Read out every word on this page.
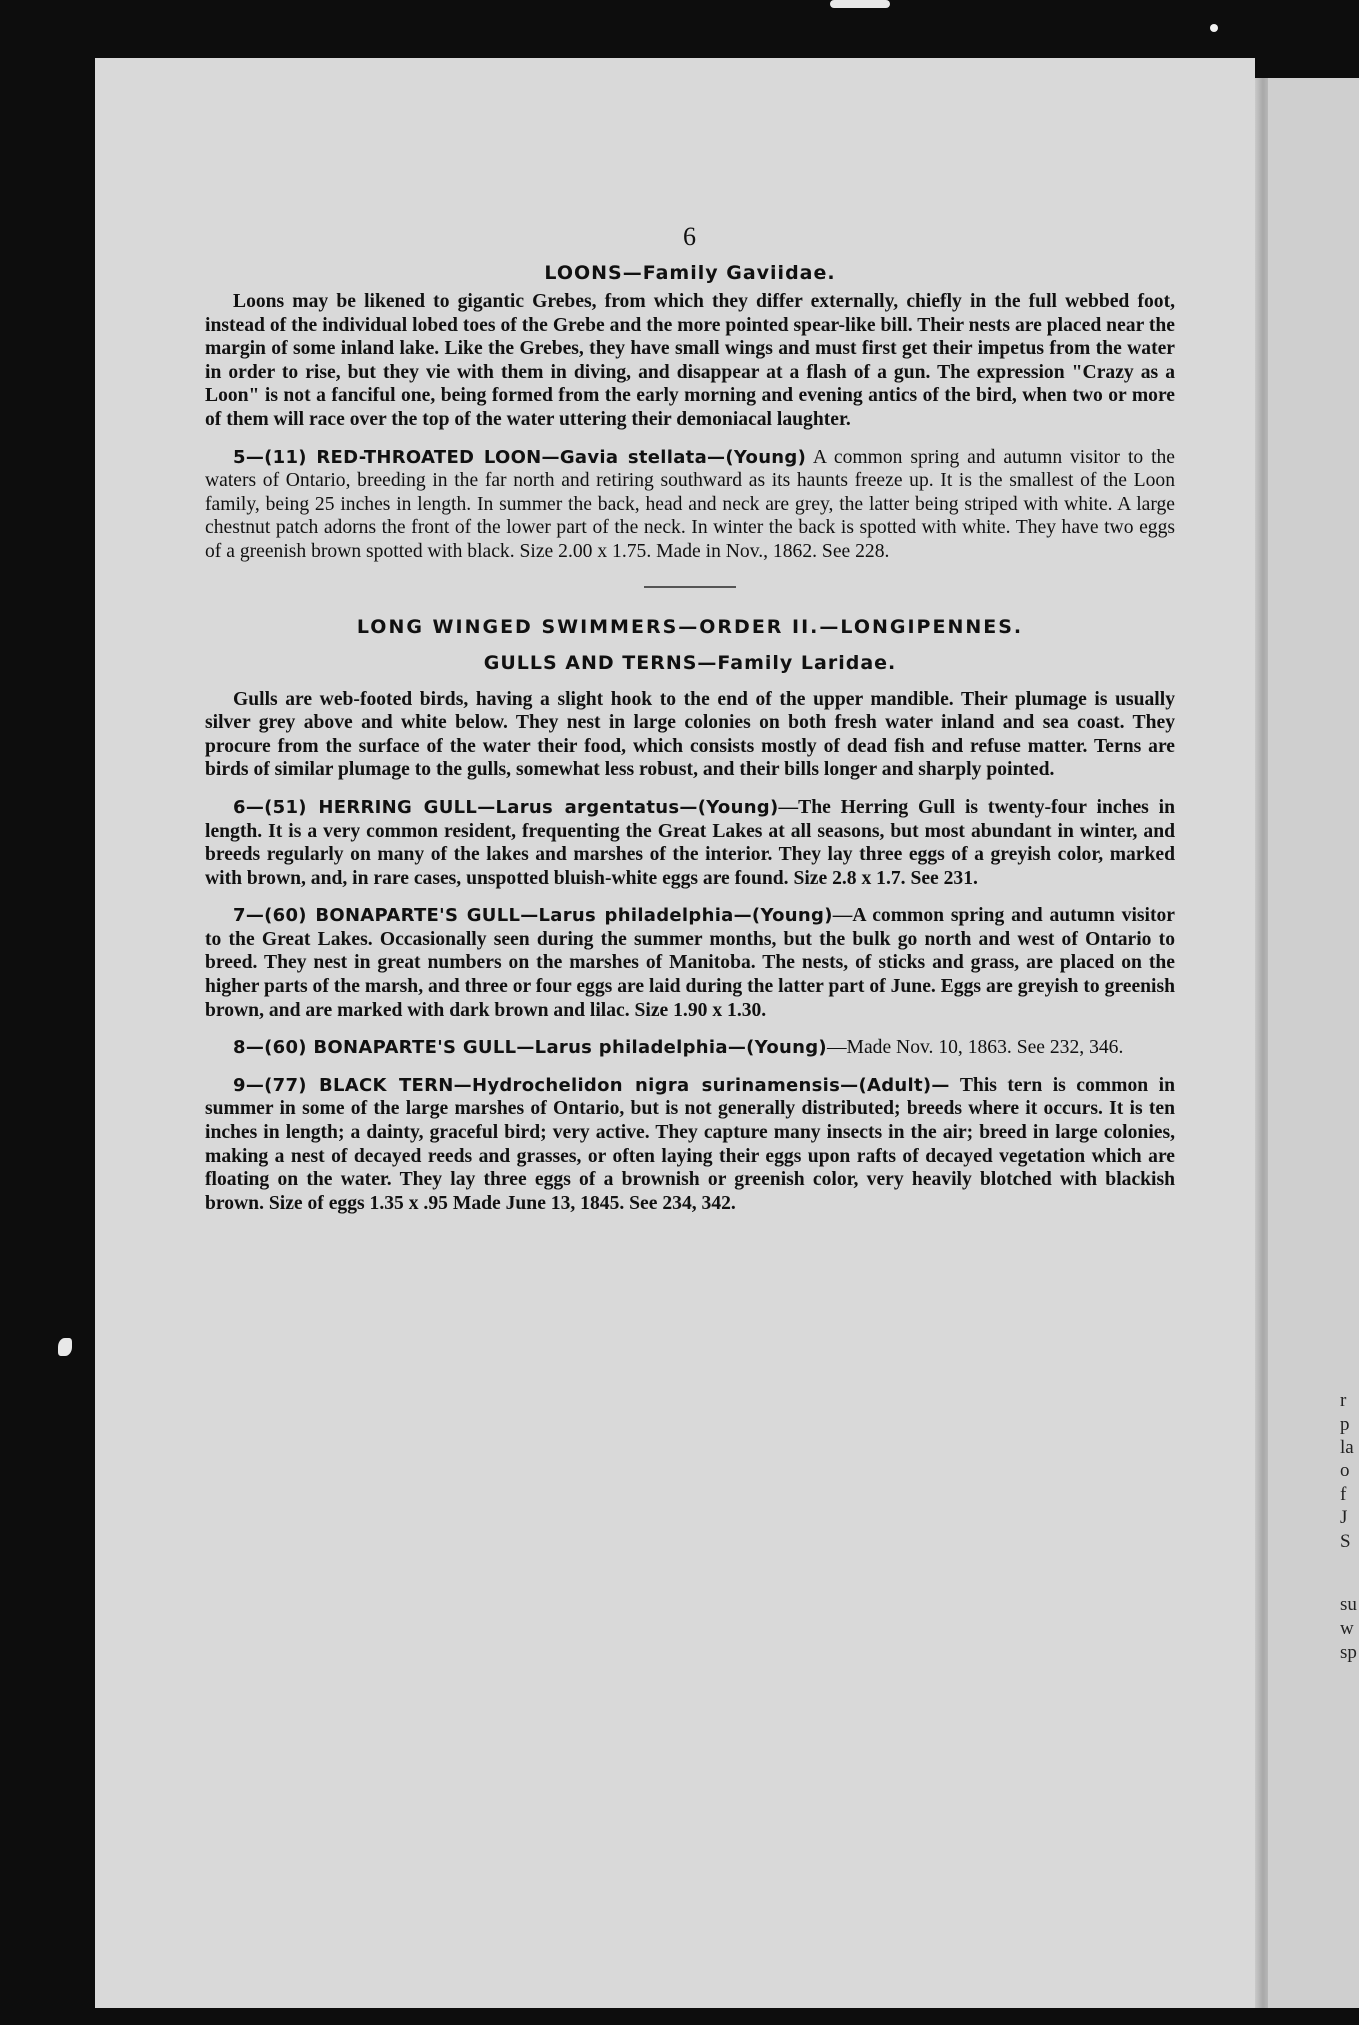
r
p
la
o
f
J
S
su
w
sp
6
LOONS—Family Gaviidae.

Loons may be likened to gigantic Grebes, from which they differ externally, chiefly in the full webbed foot, instead of the individual lobed toes of the Grebe and the more pointed spear-like bill. Their nests are placed near the margin of some inland lake. Like the Grebes, they have small wings and must first get their impetus from the water in order to rise, but they vie with them in diving, and disappear at a flash of a gun. The expression "Crazy as a Loon" is not a fanciful one, being formed from the early morning and evening antics of the bird, when two or more of them will race over the top of the water uttering their demoniacal laughter.

5—(11) RED-THROATED LOON—Gavia stellata—(Young) A common spring and autumn visitor to the waters of Ontario, breeding in the far north and retiring southward as its haunts freeze up. It is the smallest of the Loon family, being 25 inches in length. In summer the back, head and neck are grey, the latter being striped with white. A large chestnut patch adorns the front of the lower part of the neck. In winter the back is spotted with white. They have two eggs of a greenish brown spotted with black. Size 2.00 x 1.75. Made in Nov., 1862. See 228.

LONG WINGED SWIMMERS—ORDER II.—LONGIPENNES.
GULLS AND TERNS—Family Laridae.

Gulls are web-footed birds, having a slight hook to the end of the upper mandible. Their plumage is usually silver grey above and white below. They nest in large colonies on both fresh water inland and sea coast. They procure from the surface of the water their food, which consists mostly of dead fish and refuse matter. Terns are birds of similar plumage to the gulls, somewhat less robust, and their bills longer and sharply pointed.

6—(51) HERRING GULL—Larus argentatus—(Young)—The Herring Gull is twenty-four inches in length. It is a very common resident, frequenting the Great Lakes at all seasons, but most abundant in winter, and breeds regularly on many of the lakes and marshes of the interior. They lay three eggs of a greyish color, marked with brown, and, in rare cases, unspotted bluish-white eggs are found. Size 2.8 x 1.7. See 231.

7—(60) BONAPARTE'S GULL—Larus philadelphia—(Young)—A common spring and autumn visitor to the Great Lakes. Occasionally seen during the summer months, but the bulk go north and west of Ontario to breed. They nest in great numbers on the marshes of Manitoba. The nests, of sticks and grass, are placed on the higher parts of the marsh, and three or four eggs are laid during the latter part of June. Eggs are greyish to greenish brown, and are marked with dark brown and lilac. Size 1.90 x 1.30.

8—(60) BONAPARTE'S GULL—Larus philadelphia—(Young)—Made Nov. 10, 1863. See 232, 346.

9—(77) BLACK TERN—Hydrochelidon nigra surinamensis—(Adult)— This tern is common in summer in some of the large marshes of Ontario, but is not generally distributed; breeds where it occurs. It is ten inches in length; a dainty, graceful bird; very active. They capture many insects in the air; breed in large colonies, making a nest of decayed reeds and grasses, or often laying their eggs upon rafts of decayed vegetation which are floating on the water. They lay three eggs of a brownish or greenish color, very heavily blotched with blackish brown. Size of eggs 1.35 x .95 Made June 13, 1845. See 234, 342.
